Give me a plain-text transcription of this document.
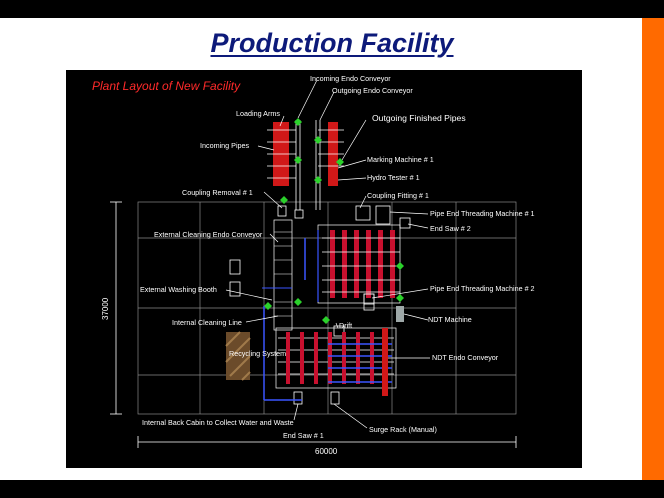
Production Facility
Plant Layout of New Facility
37000
60000
Recycling System
Incoming Endo Conveyor
Outgoing Endo Conveyor
Loading Arms	Outgoing Finished Pipes
Incoming Pipes
Marking Machine # 1
Hydro Tester # 1
Coupling Removal # 1	Coupling Fitting # 1
Pipe End Threading Machine # 1
End Saw # 2
External Cleaning Endo Conveyor
External Washing Booth	Pipe End Threading Machine # 2
Internal Cleaning Line	Drift
NDT Machine
NDT Endo Conveyor
Internal Back Cabin to Collect Water and Waste
End Saw # 1
Surge Rack (Manual)
